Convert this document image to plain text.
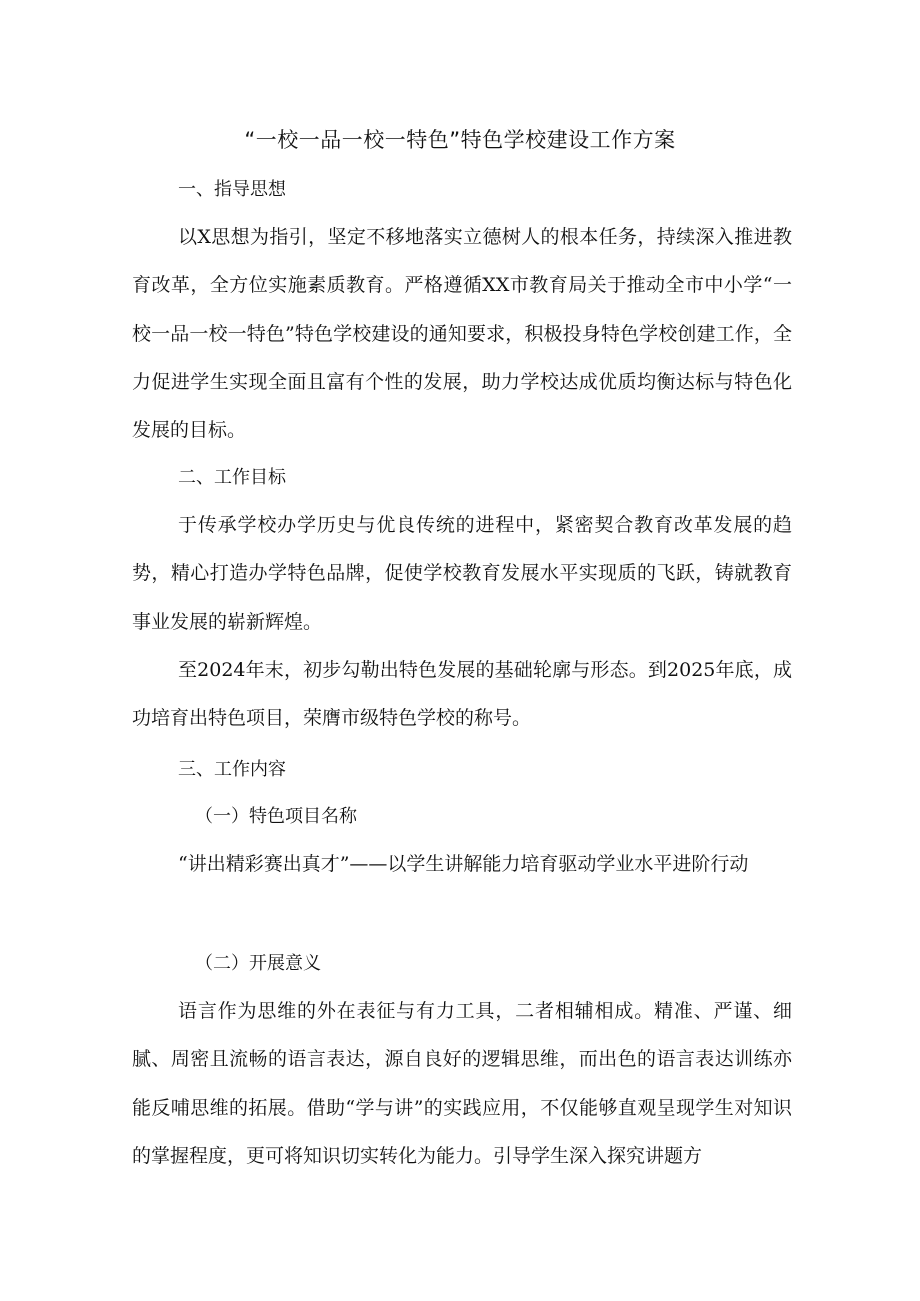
“一校一品一校一特色”特色学校建设工作方案
一、指导思想

以X思想为指引，坚定不移地落实立德树人的根本任务，持续深入推进教育改革，全方位实施素质教育。严格遵循XX市教育局关于推动全市中小学“一校一品一校一特色”特色学校建设的通知要求，积极投身特色学校创建工作，全力促进学生实现全面且富有个性的发展，助力学校达成优质均衡达标与特色化发展的目标。

二、工作目标

于传承学校办学历史与优良传统的进程中，紧密契合教育改革发展的趋势，精心打造办学特色品牌，促使学校教育发展水平实现质的飞跃，铸就教育事业发展的崭新辉煌。

至2024年末，初步勾勒出特色发展的基础轮廓与形态。到2025年底，成功培育出特色项目，荣膺市级特色学校的称号。

三、工作内容
（一）特色项目名称

“讲出精彩赛出真才”——以学生讲解能力培育驱动学业水平进阶行动

（二）开展意义

语言作为思维的外在表征与有力工具，二者相辅相成。精准、严谨、细腻、周密且流畅的语言表达，源自良好的逻辑思维，而出色的语言表达训练亦能反哺思维的拓展。借助“学与讲”的实践应用，不仅能够直观呈现学生对知识的掌握程度，更可将知识切实转化为能力。引导学生深入探究讲题方
